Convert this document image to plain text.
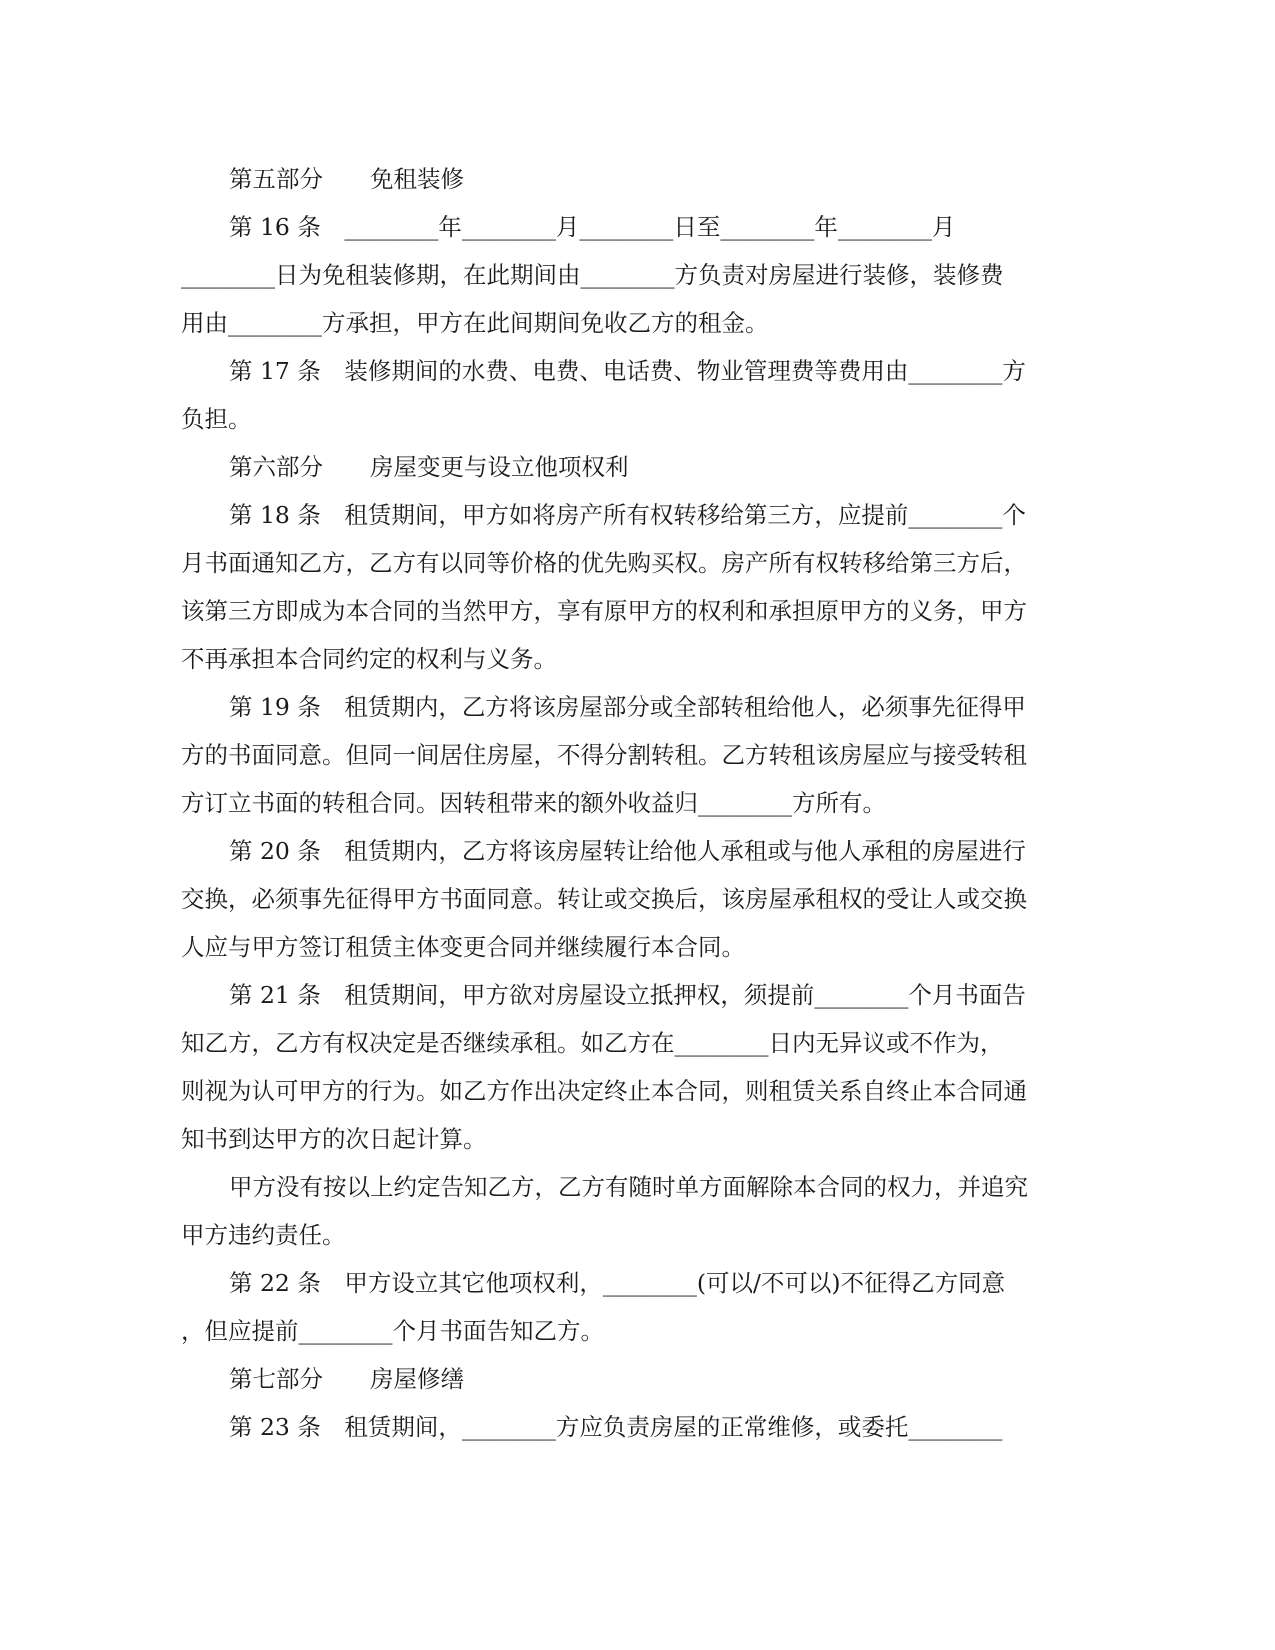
第五部分　　免租装修
第 16 条　________年________月________日至________年________月
________日为免租装修期，在此期间由________方负责对房屋进行装修，装修费
用由________方承担，甲方在此间期间免收乙方的租金。
第 17 条　装修期间的水费、电费、电话费、物业管理费等费用由________方
负担。
第六部分　　房屋变更与设立他项权利
第 18 条　租赁期间，甲方如将房产所有权转移给第三方，应提前________个
月书面通知乙方，乙方有以同等价格的优先购买权。房产所有权转移给第三方后，
该第三方即成为本合同的当然甲方，享有原甲方的权利和承担原甲方的义务，甲方
不再承担本合同约定的权利与义务。
第 19 条　租赁期内，乙方将该房屋部分或全部转租给他人，必须事先征得甲
方的书面同意。但同一间居住房屋，不得分割转租。乙方转租该房屋应与接受转租
方订立书面的转租合同。因转租带来的额外收益归________方所有。
第 20 条　租赁期内，乙方将该房屋转让给他人承租或与他人承租的房屋进行
交换，必须事先征得甲方书面同意。转让或交换后，该房屋承租权的受让人或交换
人应与甲方签订租赁主体变更合同并继续履行本合同。
第 21 条　租赁期间，甲方欲对房屋设立抵押权，须提前________个月书面告
知乙方，乙方有权决定是否继续承租。如乙方在________日内无异议或不作为，
则视为认可甲方的行为。如乙方作出决定终止本合同，则租赁关系自终止本合同通
知书到达甲方的次日起计算。
甲方没有按以上约定告知乙方，乙方有随时单方面解除本合同的权力，并追究
甲方违约责任。
第 22 条　甲方设立其它他项权利，________(可以/不可以)不征得乙方同意
，但应提前________个月书面告知乙方。
第七部分　　房屋修缮
第 23 条　租赁期间，________方应负责房屋的正常维修，或委托________
